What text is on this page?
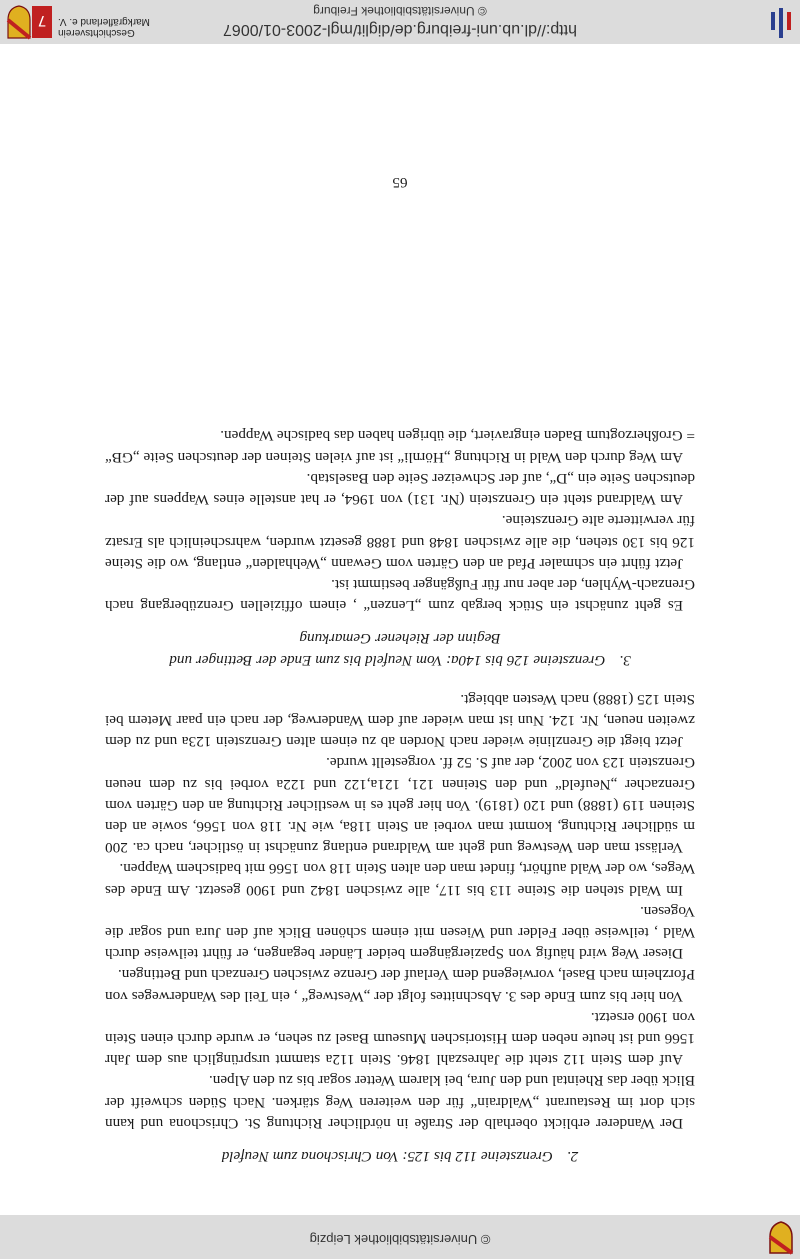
© Universitätsbibliothek Leipzig

2.Grenzsteine 112 bis 125: Von Chrischona zum Neufeld

Der Wanderer erblickt oberhalb der Straße in nördlicher Richtung St. Chrischona und kann sich dort im Restaurant „Waldrain“ für den weiteren Weg stärken. Nach Süden schweift der Blick über das Rheintal und den Jura, bei klarem Wetter sogar bis zu den Alpen.

Auf dem Stein 112 steht die Jahreszahl 1846. Stein 112a stammt ursprünglich aus dem Jahr 1566 und ist heute neben dem Historischen Museum Basel zu sehen, er wurde durch einen Stein von 1900 ersetzt.

Von hier bis zum Ende des 3. Abschnittes folgt der „Westweg“ , ein Teil des Wanderweges von Pforzheim nach Basel, vorwiegend dem Verlauf der Grenze zwischen Grenzach und Bettingen.

Dieser Weg wird häufig von Spaziergängern beider Länder begangen, er führt teilweise durch Wald , teilweise über Felder und Wiesen mit einem schönen Blick auf den Jura und sogar die Vogesen.

Im Wald stehen die Steine 113 bis 117, alle zwischen 1842 und 1900 gesetzt. Am Ende des Weges, wo der Wald aufhört, findet man den alten Stein 118 von 1566 mit badischem Wappen.

Verlässt man den Westweg und geht am Waldrand entlang zunächst in östlicher, nach ca. 200 m südlicher Richtung, kommt man vorbei an Stein 118a, wie Nr. 118 von 1566, sowie an den Steinen 119 (1888) und 120 (1819). Von hier geht es in westlicher Richtung an den Gärten vom Grenzacher „Neufeld“ und den Steinen 121, 121a,122 und 122a vorbei bis zu dem neuen Grenzstein 123 von 2002, der auf S. 52 ff. vorgestellt wurde.

Jetzt biegt die Grenzlinie wieder nach Norden ab zu einem alten Grenzstein 123a und zu dem zweiten neuen, Nr. 124. Nun ist man wieder auf dem Wanderweg, der nach ein paar Metern bei Stein 125 (1888) nach Westen abbiegt.

3.Grenzsteine 126 bis 140a: Vom Neufeld bis zum Ende der Bettinger und
Beginn der Riehener Gemarkung

Es geht zunächst ein Stück bergab zum „Lenzen“ , einem offiziellen Grenzübergang nach Grenzach-Wyhlen, der aber nur für Fußgänger bestimmt ist.

Jetzt führt ein schmaler Pfad an den Gärten vom Gewann „Wehhalden“ entlang, wo die Steine 126 bis 130 stehen, die alle zwischen 1848 und 1888 gesetzt wurden, wahrscheinlich als Ersatz für verwitterte alte Grenzsteine.

Am Waldrand steht ein Grenzstein (Nr. 131) von 1964, er hat anstelle eines Wappens auf der deutschen Seite ein „D“, auf der Schweizer Seite den Baselstab.

Am Weg durch den Wald in Richtung „Hörnli“ ist auf vielen Steinen der deutschen Seite „GB“ = Großherzogtum Baden eingraviert, die übrigen haben das badische Wappen.

65
http://dl.ub.uni-freiburg.de/diglit/mgl-2003-01/0067
© Universitätsbibliothek Freiburg
Geschichtsverein
Markgräflerland e. V.
7
